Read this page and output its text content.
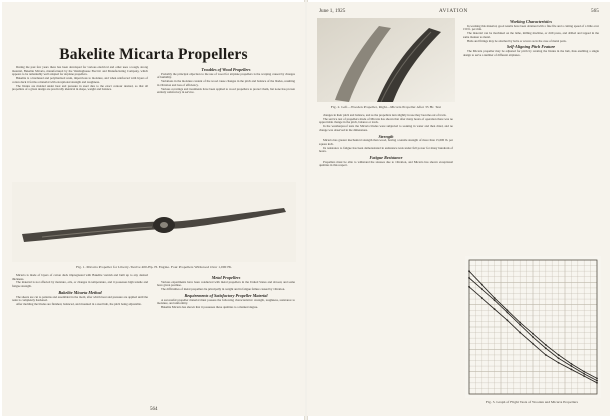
Bakelite Micarta Propellers

During the past few years there has been developed for various electrical and other uses a tough, strong material, Bakelite Micarta, manufactured by the Westinghouse Electric and Manufacturing Company, which appears to be remarkably well adapted for airplane propellers.

Bakelite is a hardened and polymerized resin, impervious to moisture, and when reinforced with layers of cotton duck it forms a material with exceptional strength and toughness.

The blades are molded under heat and pressure in steel dies to the exact contour desired, so that all propellers of a given design are practically identical in shape, weight and balance.

Troubles of Wood Propellers

Probably the principal objection to the use of wood for airplane propellers is the warping caused by changes of humidity.

Variations in the moisture content of the wood cause changes in the pitch and balance of the blades, resulting in vibration and loss of efficiency.

Various coverings and treatments have been applied to wood propellers to protect them, but none has proven entirely satisfactory in service.

Fig. 1. Micarta Propeller for Liberty-Twelve 400-Hp. H. Engine. Four Propellers Withstood Over 1,000 Hr.

Micarta is made of layers of cotton duck impregnated with Bakelite varnish and built up to any desired thickness.

The material is not affected by moisture, oils, or changes in temperature, and it possesses high tensile and fatigue strength.

Bakelite Micarta Method

The sheets are cut to patterns and assembled in the mold, after which heat and pressure are applied until the resin is completely hardened.

After molding the blades are finished, balanced, and mounted in a steel hub, the pitch being adjustable.

Metal Propellers

Various experiments have been conducted with metal propellers in the United States and abroad, and some have given promise.

The difficulties of metal propellers lie principally in weight and in fatigue failure caused by vibration.

Requirements of Satisfactory Propeller Material

A successful propeller material must possess the following characteristics: strength, toughness, resistance to moisture, and uniformity.

Bakelite Micarta has shown that it possesses these qualities to a marked degree.

564
June 1, 1925	AVIATION	565
Fig. 2. Left—Wooden Propeller, Right—Micarta Propeller After 35 Hr. Test

changes in their pitch and balance, and as the propellers turn slightly in use they become out of track.

The service test of propellers made of Micarta has shown that after many hours of operation there was no appreciable change in the pitch, balance or track.

In the weatherproof tests the Micarta blades were subjected to soaking in water and then dried, and no change was observed in the dimensions.

Strength

Micarta has greater mechanical strength than wood, having a tensile strength of more than 15,000 lb. per square inch.

Its resistance to fatigue has been demonstrated in endurance tests under full power for many hundreds of hours.

Fatigue Resistance

Propellers must be able to withstand the stresses due to vibration, and Micarta has shown exceptional qualities in this respect.

Working Characteristics

In working this material, good results have been obtained with a fine file and a cutting speed of a little over 150 ft. per min.

The material can be machined on the lathe, milling machine, or drill press, and drilled and tapped in the same manner as metal.

Hubs and fittings may be attached by bolts or screws as in the case of metal parts.

Self-Aligning Pitch Feature

The Micarta propeller may be adjusted for pitch by rotating the blades in the hub, thus enabling a single design to serve a number of different airplanes.

Fig. 3. Graph of Flight Tests of Wooden and Micarta Propellers
